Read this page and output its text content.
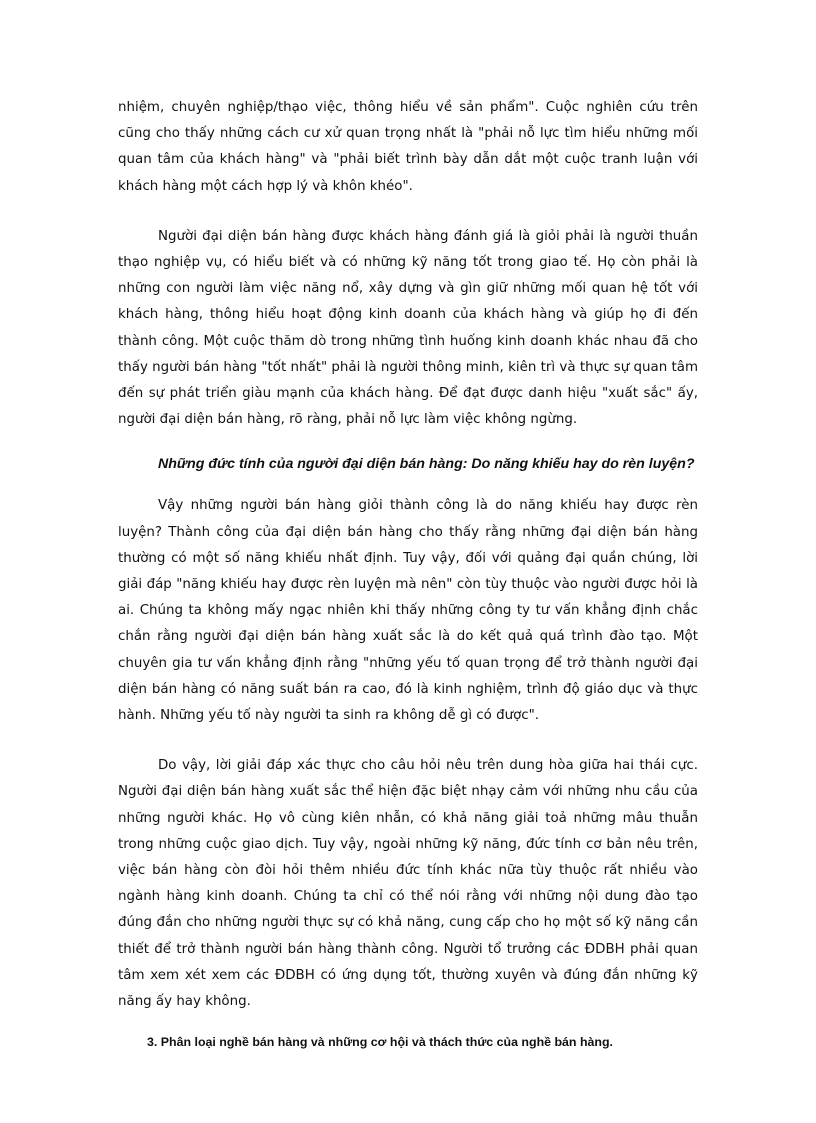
nhiệm, chuyên nghiệp/thạo việc, thông hiểu về sản phẩm". Cuộc nghiên cứu trên cũng cho thấy những cách cư xử quan trọng nhất là "phải nỗ lực tìm hiểu những mối quan tâm của khách hàng" và "phải biết trình bày dẫn dắt một cuộc tranh luận với khách hàng một cách hợp lý và khôn khéo".

Người đại diện bán hàng được khách hàng đánh giá là giỏi phải là người thuần thạo nghiệp vụ, có hiểu biết và có những kỹ năng tốt trong giao tế. Họ còn phải là những con người làm việc năng nổ, xây dựng và gìn giữ những mối quan hệ tốt với khách hàng, thông hiểu hoạt động kinh doanh của khách hàng và giúp họ đi đến thành công. Một cuộc thăm dò trong những tình huống kinh doanh khác nhau đã cho thấy người bán hàng "tốt nhất" phải là người thông minh, kiên trì và thực sự quan tâm đến sự phát triển giàu mạnh của khách hàng. Để đạt được danh hiệu "xuất sắc" ấy, người đại diện bán hàng, rõ ràng, phải nỗ lực làm việc không ngừng.

Những đức tính của người đại diện bán hàng: Do năng khiếu hay do rèn luyện?

Vậy những người bán hàng giỏi thành công là do năng khiếu hay được rèn luyện? Thành công của đại diện bán hàng cho thấy rằng những đại diện bán hàng thường có một số năng khiếu nhất định. Tuy vậy, đối với quảng đại quần chúng, lời giải đáp "năng khiếu hay được rèn luyện mà nên" còn tùy thuộc vào người được hỏi là ai. Chúng ta không mấy ngạc nhiên khi thấy những công ty tư vấn khẳng định chắc chắn rằng người đại diện bán hàng xuất sắc là do kết quả quá trình đào tạo. Một chuyên gia tư vấn khẳng định rằng "những yếu tố quan trọng để trở thành người đại diện bán hàng có năng suất bán ra cao, đó là kinh nghiệm, trình độ giáo dục và thực hành. Những yếu tố này người ta sinh ra không dễ gì có được".

Do vậy, lời giải đáp xác thực cho câu hỏi nêu trên dung hòa giữa hai thái cực. Người đại diện bán hàng xuất sắc thể hiện đặc biệt nhạy cảm với những nhu cầu của những người khác. Họ vô cùng kiên nhẫn, có khả năng giải toả những mâu thuẫn trong những cuộc giao dịch. Tuy vậy, ngoài những kỹ năng, đức tính cơ bản nêu trên, việc bán hàng còn đòi hỏi thêm nhiều đức tính khác nữa tùy thuộc rất nhiều vào ngành hàng kinh doanh. Chúng ta chỉ có thể nói rằng với những nội dung đào tạo đúng đắn cho những người thực sự có khả năng, cung cấp cho họ một số kỹ năng cần thiết để trở thành người bán hàng thành công. Người tổ trưởng các ĐDBH phải quan tâm xem xét xem các ĐDBH có ứng dụng tốt, thường xuyên và đúng đắn những kỹ năng ấy hay không.

3. Phân loại nghề bán hàng và những cơ hội và thách thức của nghề bán hàng.
